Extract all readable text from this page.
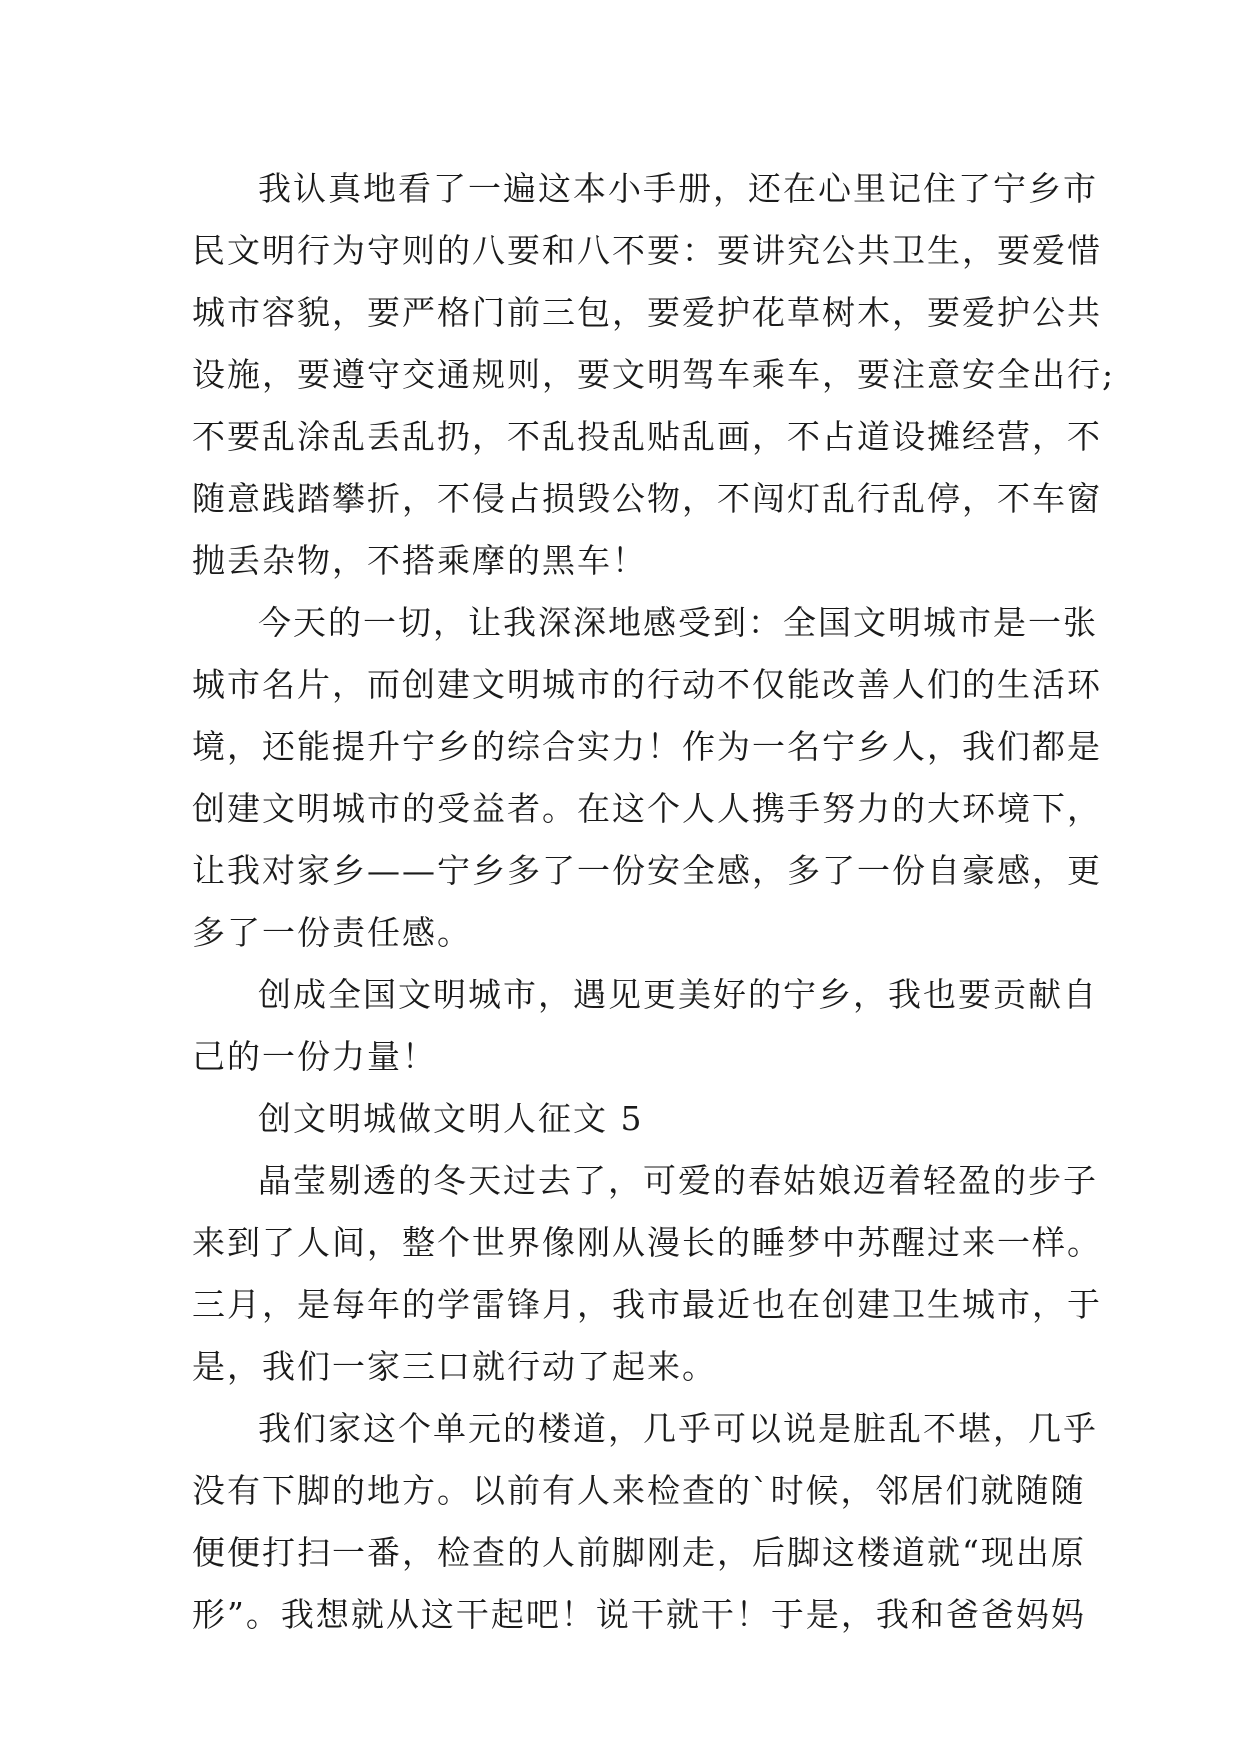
我认真地看了一遍这本小手册，还在心里记住了宁乡市
民文明行为守则的八要和八不要：要讲究公共卫生，要爱惜
城市容貌，要严格门前三包，要爱护花草树木，要爱护公共
设施，要遵守交通规则，要文明驾车乘车，要注意安全出行;
不要乱涂乱丢乱扔，不乱投乱贴乱画，不占道设摊经营，不
随意践踏攀折，不侵占损毁公物，不闯灯乱行乱停，不车窗
抛丢杂物，不搭乘摩的黑车！
今天的一切，让我深深地感受到：全国文明城市是一张
城市名片，而创建文明城市的行动不仅能改善人们的生活环
境，还能提升宁乡的综合实力！作为一名宁乡人，我们都是
创建文明城市的受益者。在这个人人携手努力的大环境下，
让我对家乡——宁乡多了一份安全感，多了一份自豪感，更
多了一份责任感。
创成全国文明城市，遇见更美好的宁乡，我也要贡献自
己的一份力量！
创文明城做文明人征文 5
晶莹剔透的冬天过去了，可爱的春姑娘迈着轻盈的步子
来到了人间，整个世界像刚从漫长的睡梦中苏醒过来一样。
三月，是每年的学雷锋月，我市最近也在创建卫生城市，于
是，我们一家三口就行动了起来。
我们家这个单元的楼道，几乎可以说是脏乱不堪，几乎
没有下脚的地方。以前有人来检查的`时候，邻居们就随随
便便打扫一番，检查的人前脚刚走，后脚这楼道就“现出原
形”。我想就从这干起吧！说干就干！于是，我和爸爸妈妈
